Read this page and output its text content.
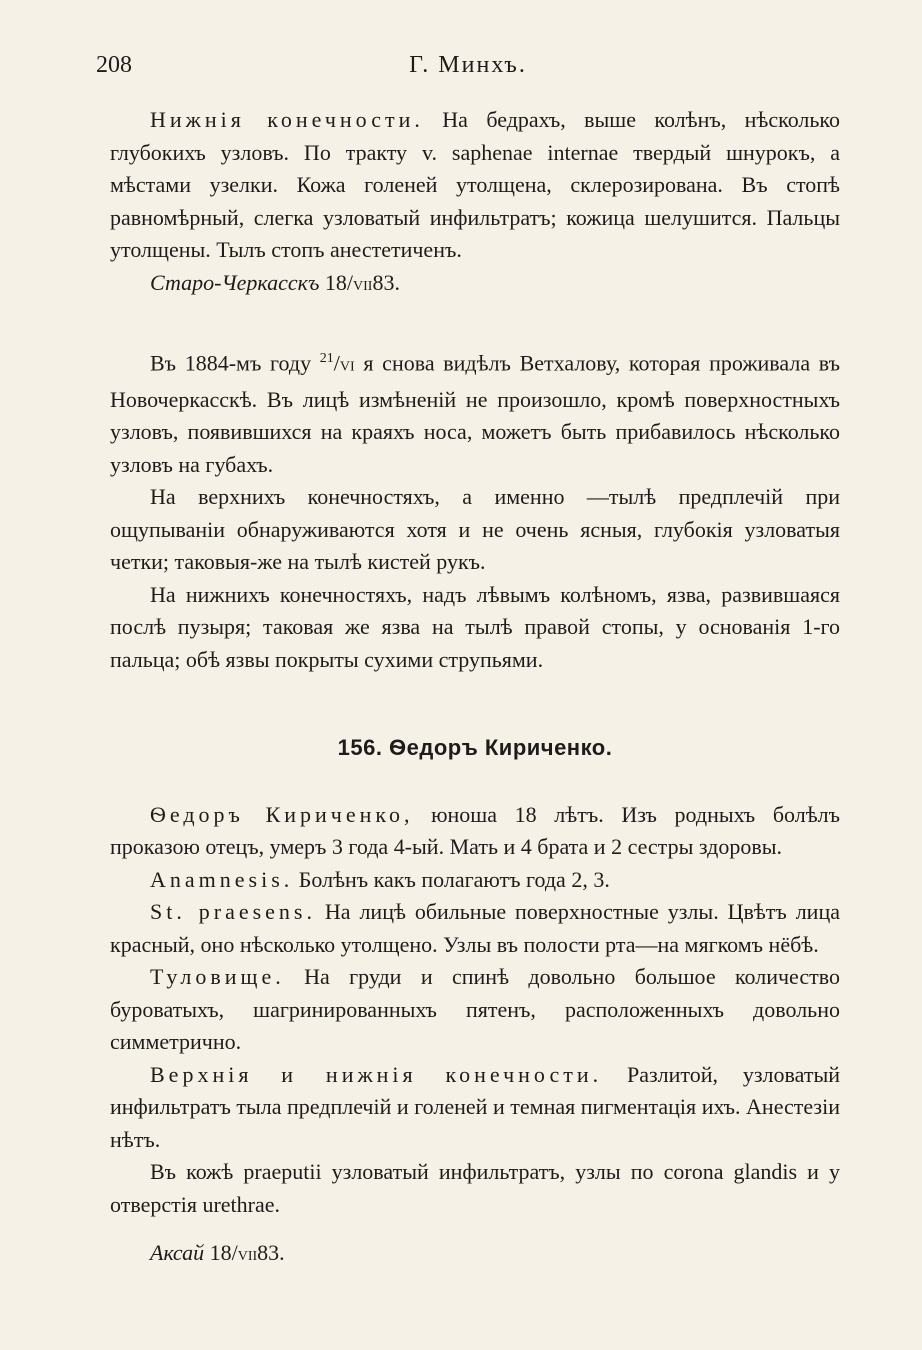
208	Г. Минхъ.

Нижнія конечности. На бедрахъ, выше колѣнъ, нѣсколько глубокихъ узловъ. По тракту v. saphenae internae твердый шнурокъ, а мѣстами узелки. Кожа голеней утолщена, склерозирована. Въ стопѣ равномѣрный, слегка узловатый инфильтратъ; кожица шелушится. Пальцы утолщены. Тылъ стопъ анестетиченъ.

Старо-Черкасскъ 18/VII83.

Въ 1884-мъ году $^{21}$/VI я снова видѣлъ Ветхалову, которая проживала въ Новочеркасскѣ. Въ лицѣ измѣненій не произошло, кромѣ поверхностныхъ узловъ, появившихся на краяхъ носа, можетъ быть прибавилось нѣсколько узловъ на губахъ.

На верхнихъ конечностяхъ, а именно —тылѣ предплечій при ощупываніи обнаруживаются хотя и не очень ясныя, глубокія узловатыя четки; таковыя-же на тылѣ кистей рукъ.

На нижнихъ конечностяхъ, надъ лѣвымъ колѣномъ, язва, развившаяся послѣ пузыря; таковая же язва на тылѣ правой стопы, у основанія 1-го пальца; обѣ язвы покрыты сухими струпьями.

156. Ѳедоръ Кириченко.

Ѳедоръ Кириченко, юноша 18 лѣтъ. Изъ родныхъ болѣлъ проказою отецъ, умеръ 3 года 4-ый. Мать и 4 брата и 2 сестры здоровы.

Anamnesis. Болѣнъ какъ полагаютъ года 2, 3.

St. praesens. На лицѣ обильные поверхностные узлы. Цвѣтъ лица красный, оно нѣсколько утолщено. Узлы въ полости рта—на мягкомъ нёбѣ.

Туловище. На груди и спинѣ довольно большое количество буроватыхъ, шагринированныхъ пятенъ, расположенныхъ довольно симметрично.

Верхнія и нижнія конечности. Разлитой, узловатый инфильтратъ тыла предплечій и голеней и темная пигментація ихъ. Анестезіи нѣтъ.

Въ кожѣ praeputii узловатый инфильтратъ, узлы по corona glandis и у отверстія urethrae.

Аксай 18/VII83.
